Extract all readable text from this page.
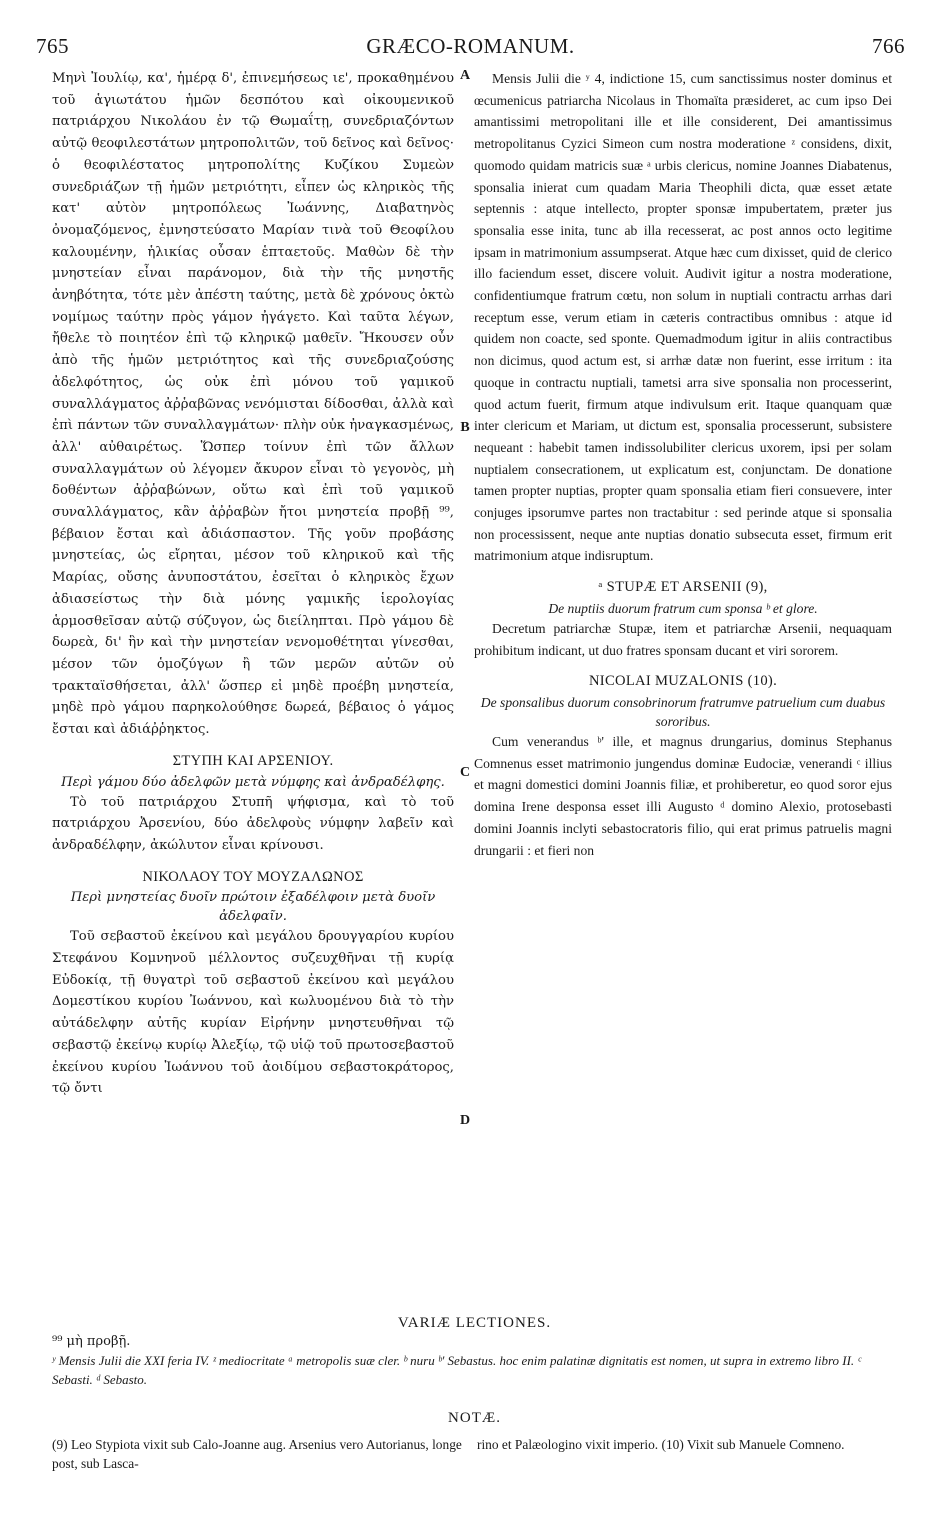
765	GRÆCO-ROMANUM.	766
A
B
C
D

Μηνὶ Ἰουλίῳ, κα', ἡμέρᾳ δ', ἐπινεμήσεως ιε', προκαθημένου τοῦ ἁγιωτάτου ἡμῶν δεσπότου καὶ οἰκουμενικοῦ πατριάρχου Νικολάου ἐν τῷ Θωμαΐτῃ, συνεδριαζόντων αὐτῷ θεοφιλεστάτων μητροπολιτῶν, τοῦ δεῖνος καὶ δεῖνος· ὁ θεοφιλέστατος μητροπολίτης Κυζίκου Συμεὼν συνεδριάζων τῇ ἡμῶν μετριότητι, εἶπεν ὡς κληρικὸς τῆς κατ' αὐτὸν μητροπόλεως Ἰωάννης, Διαβατηνὸς ὀνομαζόμενος, ἐμνηστεύσατο Μαρίαν τινὰ τοῦ Θεοφίλου καλουμένην, ἡλικίας οὖσαν ἑπταετοῦς. Μαθὼν δὲ τὴν μνηστείαν εἶναι παράνομον, διὰ τὴν τῆς μνηστῆς ἀνηβότητα, τότε μὲν ἀπέστη ταύτης, μετὰ δὲ χρόνους ὀκτὼ νομίμως ταύτην πρὸς γάμον ἠγάγετο. Καὶ ταῦτα λέγων, ἤθελε τὸ ποιητέον ἐπὶ τῷ κληρικῷ μαθεῖν. Ἤκουσεν οὖν ἀπὸ τῆς ἡμῶν μετριότητος καὶ τῆς συνεδριαζούσης ἀδελφότητος, ὡς οὐκ ἐπὶ μόνου τοῦ γαμικοῦ συναλλάγματος ἀῤῥαβῶνας νενόμισται δίδοσθαι, ἀλλὰ καὶ ἐπὶ πάντων τῶν συναλλαγμάτων· πλὴν οὐκ ἠναγκασμένως, ἀλλ' αὐθαιρέτως. Ὥσπερ τοίνυν ἐπὶ τῶν ἄλλων συναλλαγμάτων οὐ λέγομεν ἄκυρον εἶναι τὸ γεγονὸς, μὴ δοθέντων ἀῤῥαβώνων, οὕτω καὶ ἐπὶ τοῦ γαμικοῦ συναλλάγματος, κἂν ἀῤῥαβὼν ἤτοι μνηστεία προβῇ ⁹⁹, βέβαιον ἔσται καὶ ἀδιάσπαστον. Τῆς γοῦν προβάσης μνηστείας, ὡς εἴρηται, μέσον τοῦ κληρικοῦ καὶ τῆς Μαρίας, οὔσης ἀνυποστάτου, ἐσεῖται ὁ κληρικὸς ἔχων ἀδιασείστως τὴν διὰ μόνης γαμικῆς ἱερολογίας ἁρμοσθεῖσαν αὐτῷ σύζυγον, ὡς διείληπται. Πρὸ γάμου δὲ δωρεὰ, δι' ἣν καὶ τὴν μνηστείαν νενομοθέτηται γίνεσθαι, μέσον τῶν ὁμοζύγων ἢ τῶν μερῶν αὐτῶν οὐ τρακταϊσθήσεται, ἀλλ' ὥσπερ εἰ μηδὲ προέβη μνηστεία, μηδὲ πρὸ γάμου παρηκολούθησε δωρεά, βέβαιος ὁ γάμος ἔσται καὶ ἀδιάῤῥηκτος.

ΣΤΥΠΗ ΚΑΙ ΑΡΣΕΝΙΟΥ.

Περὶ γάμου δύο ἀδελφῶν μετὰ νύμφης καὶ ἀνδραδέλφης.

Τὸ τοῦ πατριάρχου Στυπῆ ψήφισμα, καὶ τὸ τοῦ πατριάρχου Ἀρσενίου, δύο ἀδελφοὺς νύμφην λαβεῖν καὶ ἀνδραδέλφην, ἀκώλυτον εἶναι κρίνουσι.

ΝΙΚΟΛΑΟΥ ΤΟΥ ΜΟΥΖΑΛΩΝΟΣ

Περὶ μνηστείας δυοῖν πρώτοιν ἐξαδέλφοιν μετὰ δυοῖν ἀδελφαῖν.

Τοῦ σεβαστοῦ ἐκείνου καὶ μεγάλου δρουγγαρίου κυρίου Στεφάνου Κομνηνοῦ μέλλοντος συζευχθῆναι τῇ κυρίᾳ Εὐδοκίᾳ, τῇ θυγατρὶ τοῦ σεβαστοῦ ἐκείνου καὶ μεγάλου Δομεστίκου κυρίου Ἰωάννου, καὶ κωλυομένου διὰ τὸ τὴν αὐτάδελφην αὐτῆς κυρίαν Εἰρήνην μνηστευθῆναι τῷ σεβαστῷ ἐκείνῳ κυρίῳ Ἀλεξίῳ, τῷ υἱῷ τοῦ πρωτοσεβαστοῦ ἐκείνου κυρίου Ἰωάννου τοῦ ἀοιδίμου σεβαστοκράτορος, τῷ ὄντι

Mensis Julii die ʸ 4, indictione 15, cum sanctissimus noster dominus et œcumenicus patriarcha Nicolaus in Thomaïta præsideret, ac cum ipso Dei amantissimi metropolitani ille et ille considerent, Dei amantissimus metropolitanus Cyzici Simeon cum nostra moderatione ᶻ considens, dixit, quomodo quidam matricis suæ ᵃ urbis clericus, nomine Joannes Diabatenus, sponsalia inierat cum quadam Maria Theophili dicta, quæ esset ætate septennis : atque intellecto, propter sponsæ impubertatem, præter jus sponsalia esse inita, tunc ab illa recesserat, ac post annos octo legitime ipsam in matrimonium assumpserat. Atque hæc cum dixisset, quid de clerico illo faciendum esset, discere voluit. Audivit igitur a nostra moderatione, confidentiumque fratrum cœtu, non solum in nuptiali contractu arrhas dari receptum esse, verum etiam in cæteris contractibus omnibus : atque id quidem non coacte, sed sponte. Quemadmodum igitur in aliis contractibus non dicimus, quod actum est, si arrhæ datæ non fuerint, esse irritum : ita quoque in contractu nuptiali, tametsi arra sive sponsalia non processerint, quod actum fuerit, firmum atque indivulsum erit. Itaque quanquam quæ inter clericum et Mariam, ut dictum est, sponsalia processerunt, subsistere nequeant : habebit tamen indissolubiliter clericus uxorem, ipsi per solam nuptialem consecrationem, ut explicatum est, conjunctam. De donatione tamen propter nuptias, propter quam sponsalia etiam fieri consuevere, inter conjuges ipsorumve partes non tractabitur : sed perinde atque si sponsalia non processissent, neque ante nuptias donatio subsecuta esset, firmum erit matrimonium atque indisruptum.

ᵃ STUPÆ ET ARSENII (9),

De nuptiis duorum fratrum cum sponsa ᵇ et glore.

Decretum patriarchæ Stupæ, item et patriarchæ Arsenii, nequaquam prohibitum indicant, ut duo fratres sponsam ducant et viri sororem.

NICOLAI MUZALONIS (10).

De sponsalibus duorum consobrinorum fratrumve patruelium cum duabus sororibus.

Cum venerandus ᵇ' ille, et magnus drungarius, dominus Stephanus Comnenus esset matrimonio jungendus dominæ Eudociæ, venerandi ᶜ illius et magni domestici domini Joannis filiæ, et prohiberetur, eo quod soror ejus domina Irene desponsa esset illi Augusto ᵈ domino Alexio, protosebasti domini Joannis inclyti sebastocratoris filio, qui erat primus patruelis magni drungarii : et fieri non

VARIÆ LECTIONES.

⁹⁹ μὴ προβῇ.

ʸ Mensis Julii die XXI feria IV. ᶻ mediocritate ᵃ metropolis suæ cler. ᵇ nuru ᵇ' Sebastus. hoc enim palatinæ dignitatis est nomen, ut supra in extremo libro II. ᶜ Sebasti. ᵈ Sebasto.

NOTÆ.
(9) Leo Stypiota vixit sub Calo-Joanne aug. Arsenius vero Autorianus, longe post, sub Lasca-
rino et Palæologino vixit imperio. (10) Vixit sub Manuele Comneno.
